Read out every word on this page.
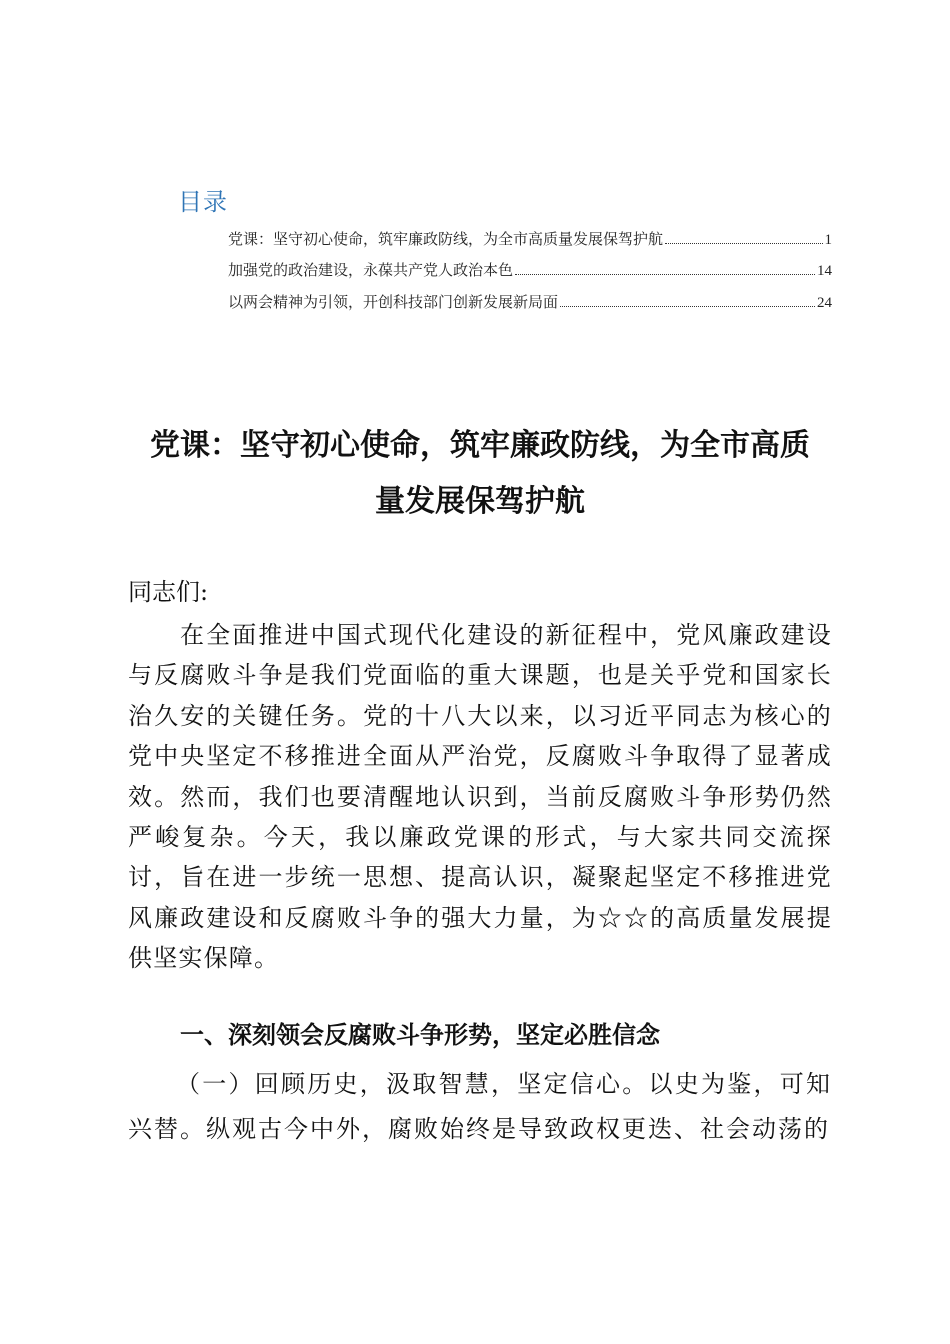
目录
党课：坚守初心使命，筑牢廉政防线，为全市高质量发展保驾护航	1
加强党的政治建设，永葆共产党人政治本色	14
以两会精神为引领，开创科技部门创新发展新局面	24
党课：坚守初心使命，筑牢廉政防线，为全市高质
量发展保驾护航
同志们:

在全面推进中国式现代化建设的新征程中，党风廉政建设与反腐败斗争是我们党面临的重大课题，也是关乎党和国家长治久安的关键任务。党的十八大以来，以习近平同志为核心的党中央坚定不移推进全面从严治党，反腐败斗争取得了显著成效。然而，我们也要清醒地认识到，当前反腐败斗争形势仍然严峻复杂。今天，我以廉政党课的形式，与大家共同交流探讨，旨在进一步统一思想、提高认识，凝聚起坚定不移推进党风廉政建设和反腐败斗争的强大力量，为☆☆的高质量发展提供坚实保障。

一、深刻领会反腐败斗争形势，坚定必胜信念

（一）回顾历史，汲取智慧，坚定信心。以史为鉴，可知兴替。纵观古今中外，腐败始终是导致政权更迭、社会动荡的
